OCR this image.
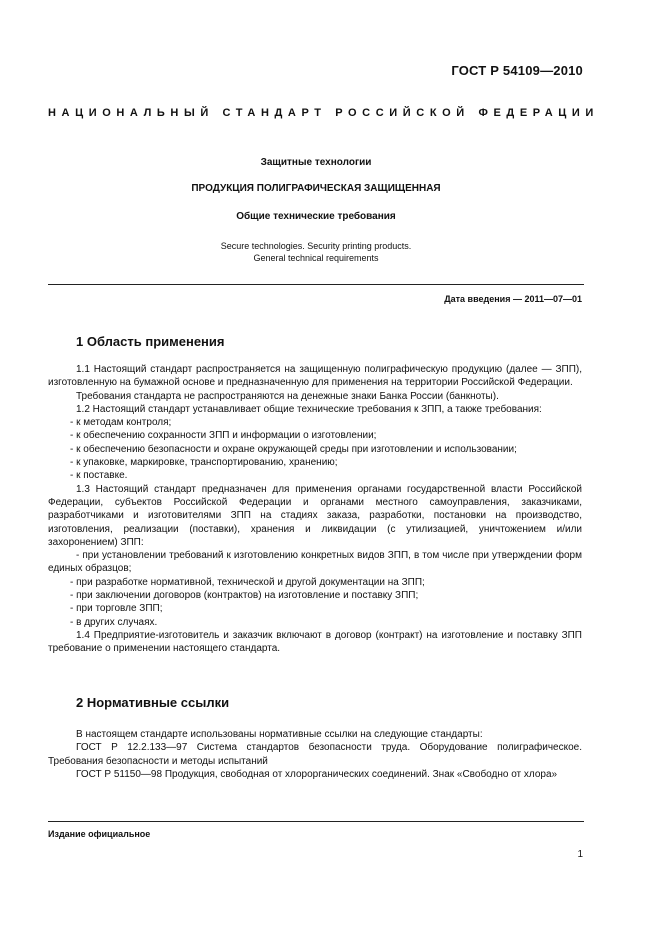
ГОСТ Р 54109—2010
НАЦИОНАЛЬНЫЙ СТАНДАРТ РОССИЙСКОЙ ФЕДЕРАЦИИ
Защитные технологии
ПРОДУКЦИЯ ПОЛИГРАФИЧЕСКАЯ ЗАЩИЩЕННАЯ
Общие технические требования
Secure technologies. Security printing products.
General technical requirements
Дата введения — 2011—07—01
1 Область применения

1.1 Настоящий стандарт распространяется на защищенную полиграфическую продукцию (далее — ЗПП), изготовленную на бумажной основе и предназначенную для применения на территории Российской Федерации.

Требования стандарта не распространяются на денежные знаки Банка России (банкноты).

1.2 Настоящий стандарт устанавливает общие технические требования к ЗПП, а также требования:

- к методам контроля;

- к обеспечению сохранности ЗПП и информации о изготовлении;

- к обеспечению безопасности и охране окружающей среды при изготовлении и использовании;

- к упаковке, маркировке, транспортированию, хранению;

- к поставке.

1.3 Настоящий стандарт предназначен для применения органами государственной власти Российской Федерации, субъектов Российской Федерации и органами местного самоуправления, заказчиками, разработчиками и изготовителями ЗПП на стадиях заказа, разработки, постановки на производство, изготовления, реализации (поставки), хранения и ликвидации (с утилизацией, уничтожением и/или захоронением) ЗПП:

- при установлении требований к изготовлению конкретных видов ЗПП, в том числе при утверждении форм единых образцов;

- при разработке нормативной, технической и другой документации на ЗПП;

- при заключении договоров (контрактов) на изготовление и поставку ЗПП;

- при торговле ЗПП;

- в других случаях.

1.4 Предприятие-изготовитель и заказчик включают в договор (контракт) на изготовление и поставку ЗПП требование о применении настоящего стандарта.

2 Нормативные ссылки

В настоящем стандарте использованы нормативные ссылки на следующие стандарты:

ГОСТ Р 12.2.133—97 Система стандартов безопасности труда. Оборудование полиграфическое. Требования безопасности и методы испытаний

ГОСТ Р 51150—98 Продукция, свободная от хлорорганических соединений. Знак «Свободно от хлора»

Издание официальное
1
